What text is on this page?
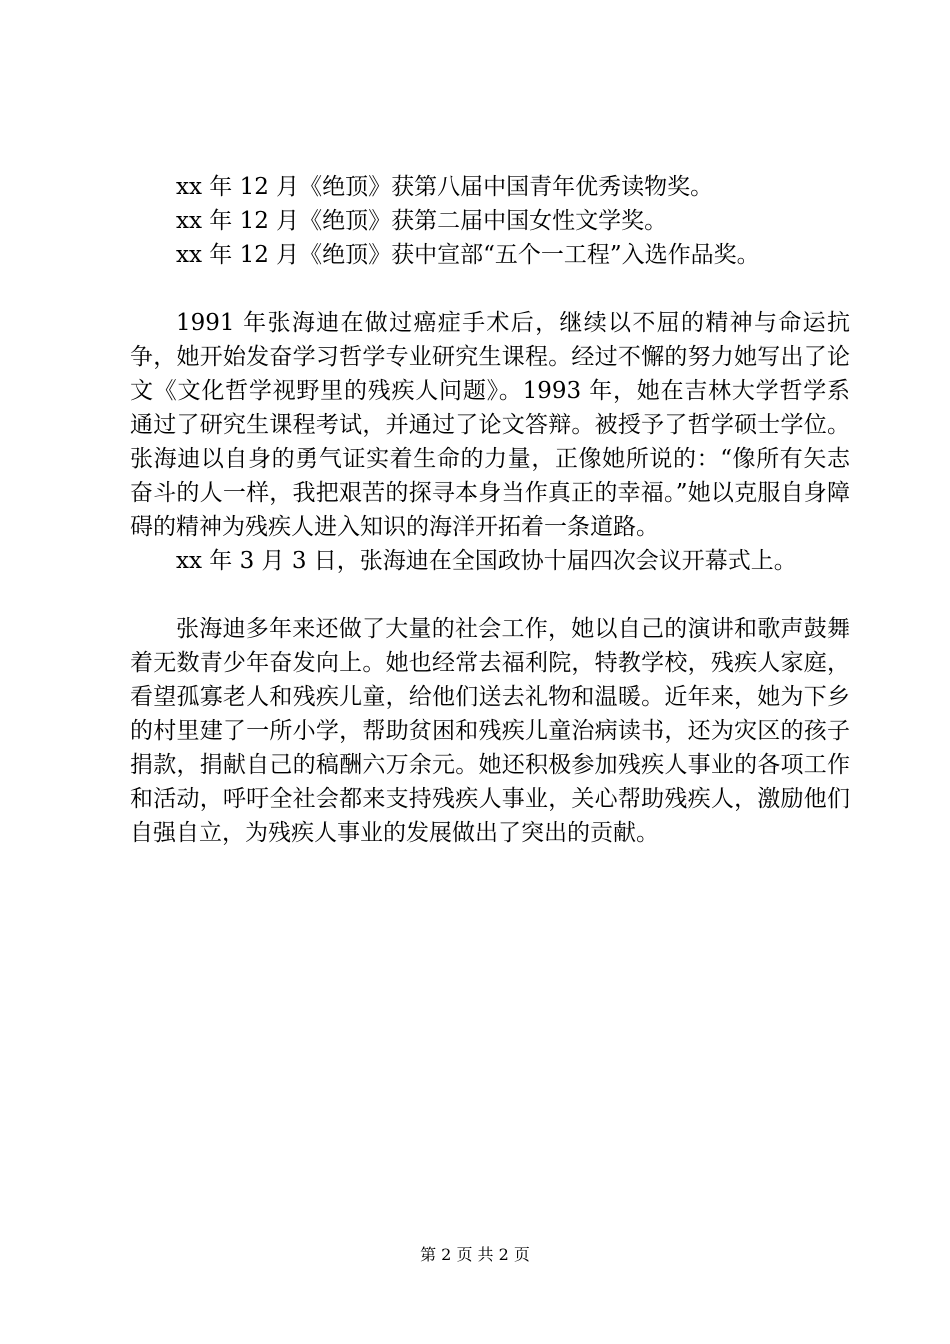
xx 年 12 月《绝顶》获第八届中国青年优秀读物奖。

xx 年 12 月《绝顶》获第二届中国女性文学奖。

xx 年 12 月《绝顶》获中宣部“五个一工程”入选作品奖。

1991 年张海迪在做过癌症手术后，继续以不屈的精神与命运抗争，她开始发奋学习哲学专业研究生课程。经过不懈的努力她写出了论文《文化哲学视野里的残疾人问题》。1993 年，她在吉林大学哲学系通过了研究生课程考试，并通过了论文答辩。被授予了哲学硕士学位。张海迪以自身的勇气证实着生命的力量，正像她所说的：“像所有矢志奋斗的人一样，我把艰苦的探寻本身当作真正的幸福。”她以克服自身障碍的精神为残疾人进入知识的海洋开拓着一条道路。

xx 年 3 月 3 日，张海迪在全国政协十届四次会议开幕式上。

张海迪多年来还做了大量的社会工作，她以自己的演讲和歌声鼓舞着无数青少年奋发向上。她也经常去福利院，特教学校，残疾人家庭，看望孤寡老人和残疾儿童，给他们送去礼物和温暖。近年来，她为下乡的村里建了一所小学，帮助贫困和残疾儿童治病读书，还为灾区的孩子捐款，捐献自己的稿酬六万余元。她还积极参加残疾人事业的各项工作和活动，呼吁全社会都来支持残疾人事业，关心帮助残疾人，激励他们自强自立，为残疾人事业的发展做出了突出的贡献。

第 2 页 共 2 页
